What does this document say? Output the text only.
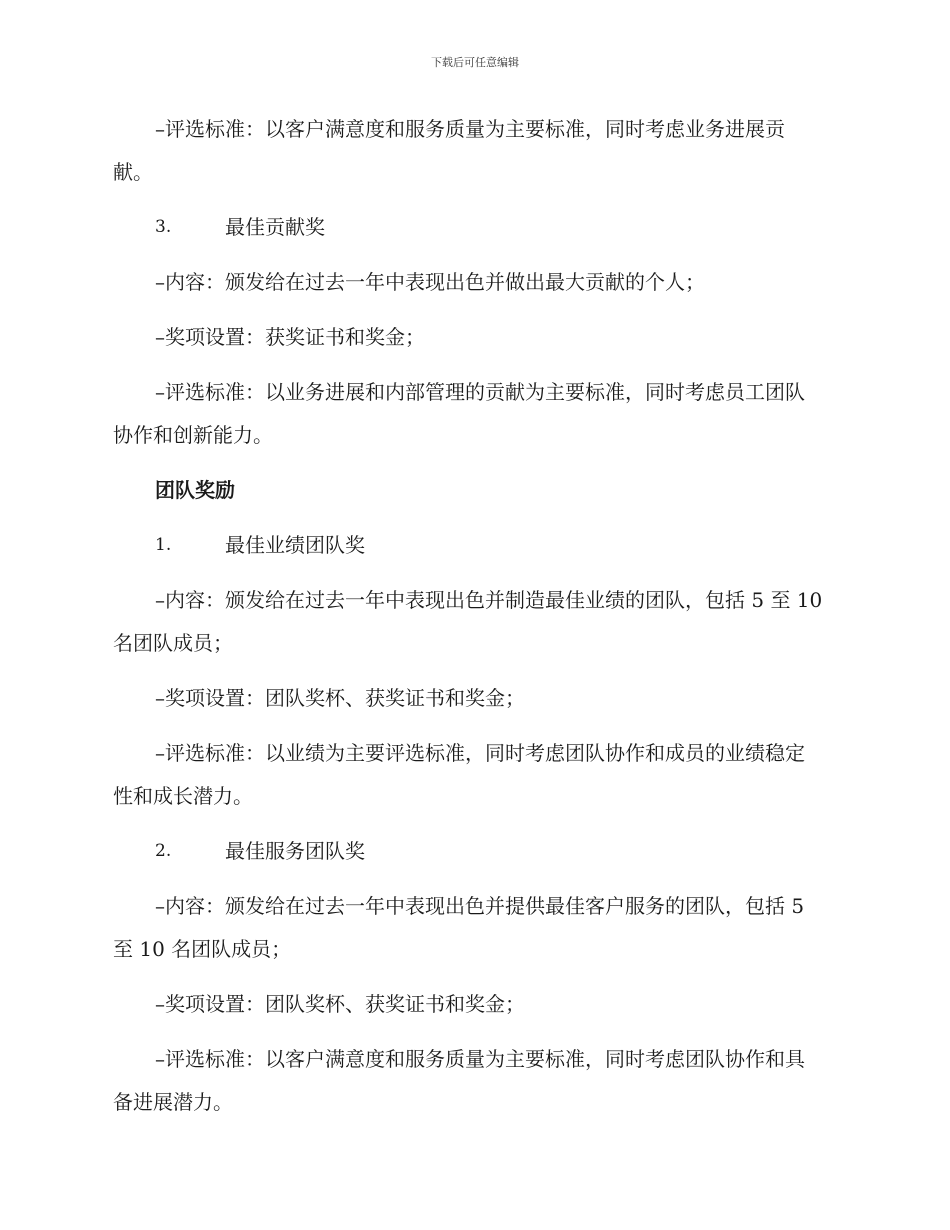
下载后可任意编辑

–评选标准：以客户满意度和服务质量为主要标准，同时考虑业务进展贡献。

3.	最佳贡献奖

–内容：颁发给在过去一年中表现出色并做出最大贡献的个人；

–奖项设置：获奖证书和奖金；

–评选标准：以业务进展和内部管理的贡献为主要标准，同时考虑员工团队协作和创新能力。

团队奖励
1.	最佳业绩团队奖

–内容：颁发给在过去一年中表现出色并制造最佳业绩的团队，包括 5 至 10 名团队成员；

–奖项设置：团队奖杯、获奖证书和奖金；

–评选标准：以业绩为主要评选标准，同时考虑团队协作和成员的业绩稳定性和成长潜力。

2.	最佳服务团队奖

–内容：颁发给在过去一年中表现出色并提供最佳客户服务的团队，包括 5 至 10 名团队成员；

–奖项设置：团队奖杯、获奖证书和奖金；

–评选标准：以客户满意度和服务质量为主要标准，同时考虑团队协作和具备进展潜力。
